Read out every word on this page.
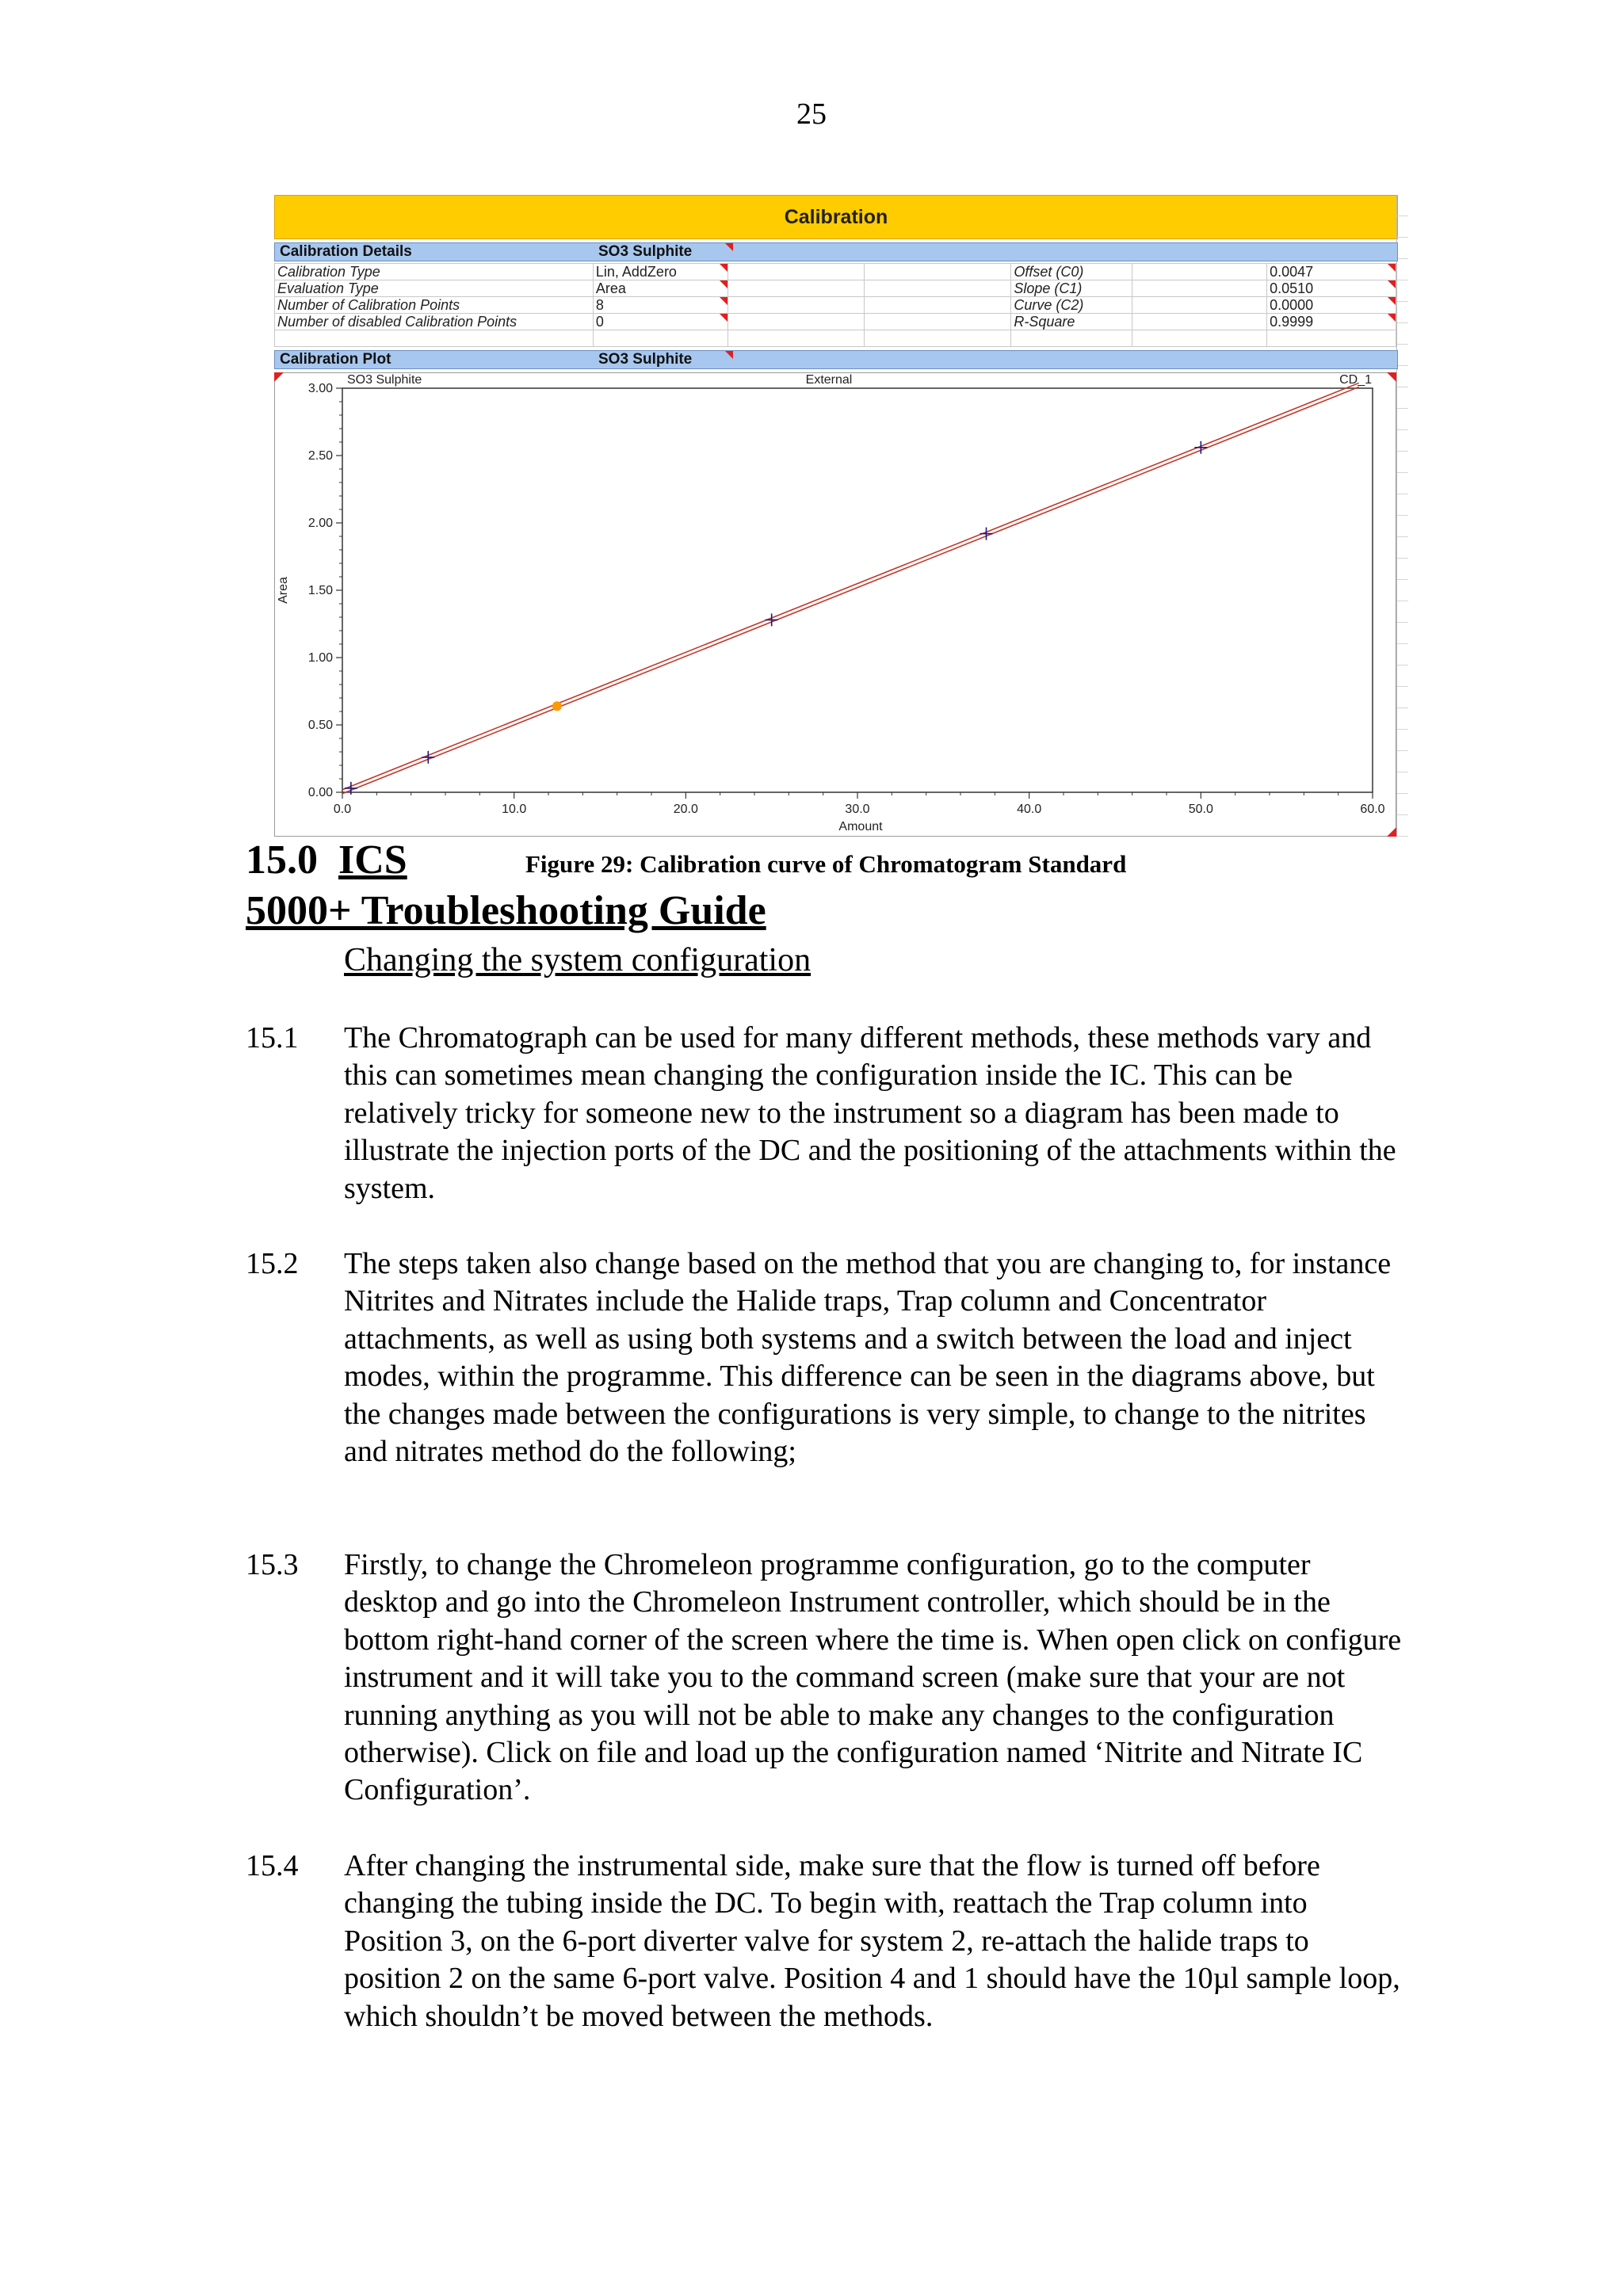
25
Calibration
Calibration Details	SO3 Sulphite
Calibration Type	Lin, AddZero			Offset (C0)		0.0047

Evaluation Type	Area			Slope (C1)		0.0510

Number of Calibration Points	8			Curve (C2)		0.0000

Number of disabled Calibration Points	0			R-Square		0.9999

Calibration Plot	SO3 Sulphite
SO3 Sulphite	External	CD_1
Area
Amount
0.00
0.50
1.00
1.50
2.00
2.50
3.00
0.0	10.0	20.0	30.0	40.0	50.0	60.0
15.0 ICS	Figure 29: Calibration curve of Chromatogram Standard
5000+ Troubleshooting Guide
Changing the system configuration
15.1 The Chromatograph can be used for many different methods, these methods vary and this can sometimes mean changing the configuration inside the IC. This can be relatively tricky for someone new to the instrument so a diagram has been made to illustrate the injection ports of the DC and the positioning of the attachments within the system.
15.2 The steps taken also change based on the method that you are changing to, for instance Nitrites and Nitrates include the Halide traps, Trap column and Concentrator attachments, as well as using both systems and a switch between the load and inject modes, within the programme. This difference can be seen in the diagrams above, but the changes made between the configurations is very simple, to change to the nitrites and nitrates method do the following;
15.3 Firstly, to change the Chromeleon programme configuration, go to the computer desktop and go into the Chromeleon Instrument controller, which should be in the bottom right-hand corner of the screen where the time is. When open click on configure instrument and it will take you to the command screen (make sure that your are not running anything as you will not be able to make any changes to the configuration otherwise). Click on file and load up the configuration named ‘Nitrite and Nitrate IC Configuration’.
15.4 After changing the instrumental side, make sure that the flow is turned off before changing the tubing inside the DC. To begin with, reattach the Trap column into Position 3, on the 6-port diverter valve for system 2, re-attach the halide traps to position 2 on the same 6-port valve. Position 4 and 1 should have the 10µl sample loop, which shouldn’t be moved between the methods.
